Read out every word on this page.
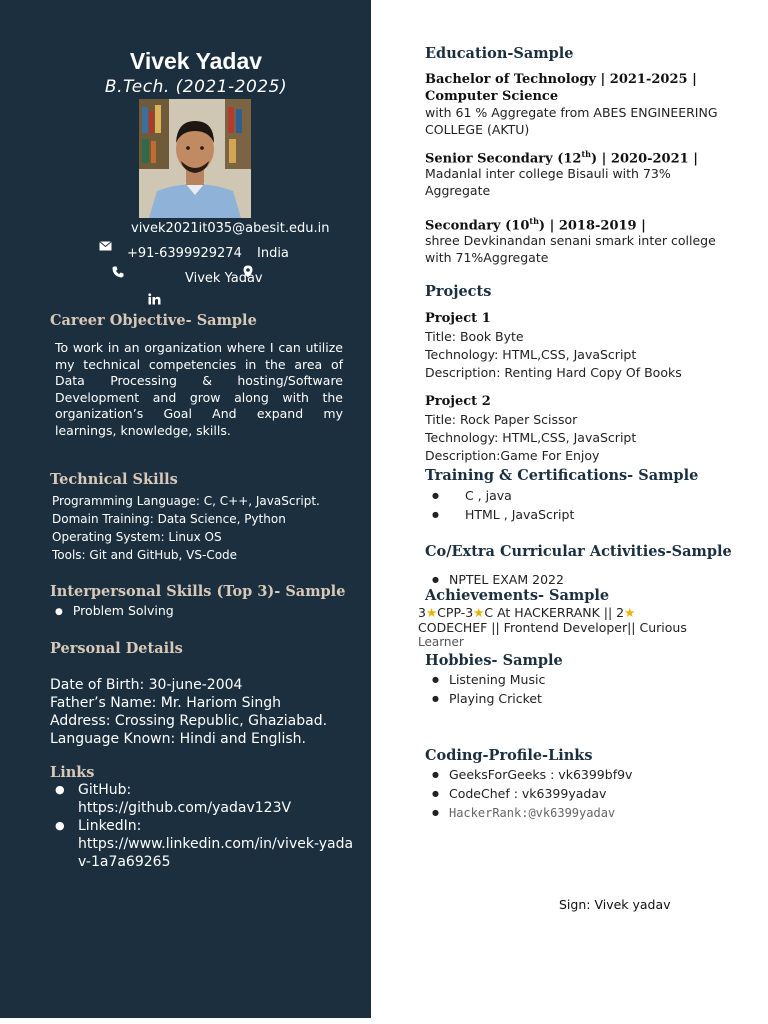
Vivek Yadav
B.Tech. (2021-2025)
vivek2021it035@abesit.edu.in
+91-6399929274 India
Vivek Yadav
Career Objective- Sample

To work in an organization where I can utilize my technical competencies in the area of Data Processing & hosting/Software Development and grow along with the organization’s Goal And expand my learnings, knowledge, skills.

Technical Skills
Programming Language: C, C++, JavaScript.
Domain Training: Data Science, Python
Operating System: Linux OS
Tools: Git and GitHub, VS-Code
Interpersonal Skills (Top 3)- Sample
● Problem Solving
Personal Details
Date of Birth: 30-june-2004
Father’s Name: Mr. Hariom Singh
Address: Crossing Republic, Ghaziabad.
Language Known: Hindi and English.
Links
● GitHub:
https://github.com/yadav123V
● LinkedIn:
https://www.linkedin.com/in/vivek-yadav-1a7a69265
Education-Sample
Bachelor of Technology | 2021-2025 | Computer Science
with 61 % Aggregate from ABES ENGINEERING COLLEGE (AKTU)
Senior Secondary (12th) | 2020-2021 |
Madanlal inter college Bisauli with 73% Aggregate
Secondary (10th) | 2018-2019 |
shree Devkinandan senani smark inter college with 71%Aggregate
Projects
Project 1
Title: Book Byte
Technology: HTML,CSS, JavaScript
Description: Renting Hard Copy Of Books
Project 2
Title: Rock Paper Scissor
Technology: HTML,CSS, JavaScript
Description:Game For Enjoy
Training & Certifications- Sample
● C , java
● HTML , JavaScript
Co/Extra Curricular Activities-Sample
● NPTEL EXAM 2022
Achievements- Sample
3★CPP-3★C At HACKERRANK || 2★
CODECHEF || Frontend Developer|| Curious
Learner
Hobbies- Sample
● Listening Music
● Playing Cricket
Coding-Profile-Links
● GeeksForGeeks : vk6399bf9v
● CodeChef : vk6399yadav
● HackerRank:@vk6399yadav
Sign: Vivek yadav
